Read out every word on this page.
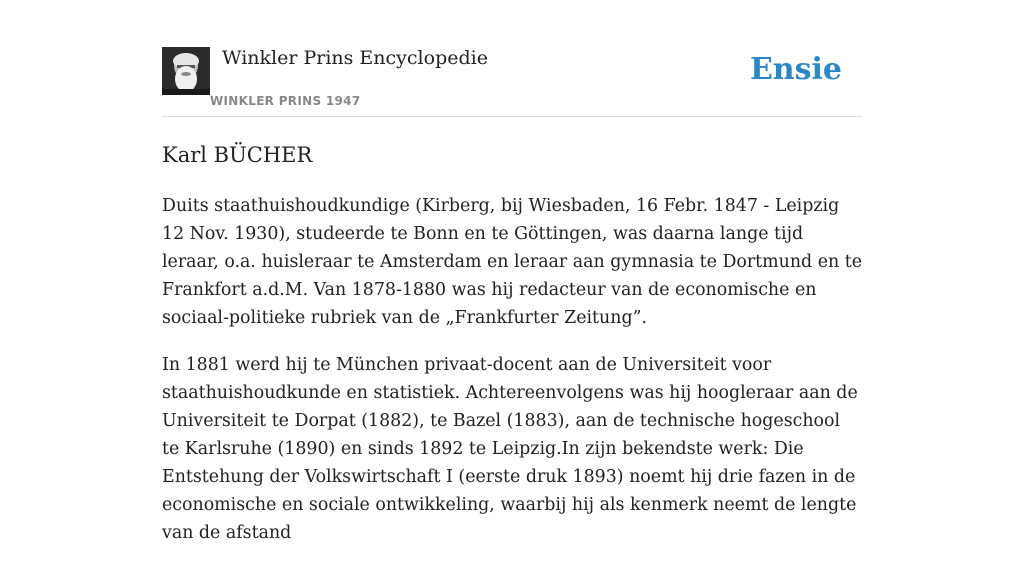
Winkler Prins Encyclopedie
WINKLER PRINS 1947
Ensie
Karl BÜCHER

Duits staathuishoudkundige (Kirberg, bij Wiesbaden, 16 Febr. 1847 - Leipzig 12 Nov. 1930), studeerde te Bonn en te Göttingen, was daarna lange tijd leraar, o.a. huisleraar te Amsterdam en leraar aan gymnasia te Dortmund en te Frankfort a.d.M. Van 1878-1880 was hij redacteur van de economische en sociaal-politieke rubriek van de „Frankfurter Zeitung”.

In 1881 werd hij te München privaat-docent aan de Universiteit voor staathuishoudkunde en statistiek. Achtereenvolgens was hij hoogleraar aan de Universiteit te Dorpat (1882), te Bazel (1883), aan de technische hogeschool te Karlsruhe (1890) en sinds 1892 te Leipzig.In zijn bekendste werk: Die Entstehung der Volkswirtschaft I (eerste druk 1893) noemt hij drie fazen in de economische en sociale ontwikkeling, waarbij hij als kenmerk neemt de lengte van de afstand
